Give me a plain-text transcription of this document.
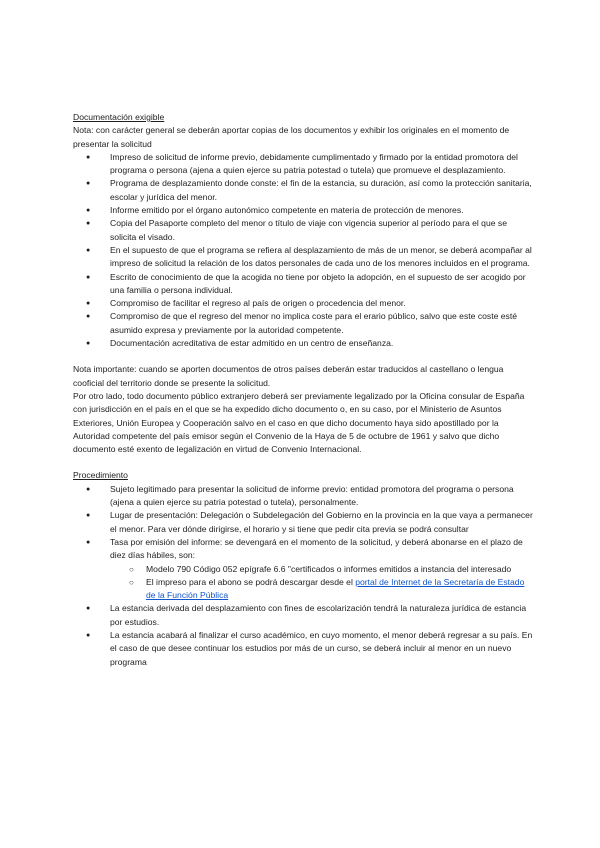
Documentación exigible

Nota: con carácter general se deberán aportar copias de los documentos y exhibir los originales en el momento de presentar la solicitud

● Impreso de solicitud de informe previo, debidamente cumplimentado y firmado por la entidad promotora del programa o persona (ajena a quien ejerce su patria potestad o tutela) que promueve el desplazamiento.
● Programa de desplazamiento donde conste: el fin de la estancia, su duración, así como la protección sanitaria, escolar y jurídica del menor.
● Informe emitido por el órgano autonómico competente en materia de protección de menores.
● Copia del Pasaporte completo del menor o título de viaje con vigencia superior al período para el que se solicita el visado.
● En el supuesto de que el programa se refiera al desplazamiento de más de un menor, se deberá acompañar al impreso de solicitud la relación de los datos personales de cada uno de los menores incluidos en el programa.
● Escrito de conocimiento de que la acogida no tiene por objeto la adopción, en el supuesto de ser acogido por una familia o persona individual.
● Compromiso de facilitar el regreso al país de origen o procedencia del menor.
● Compromiso de que el regreso del menor no implica coste para el erario público, salvo que este coste esté asumido expresa y previamente por la autoridad competente.
● Documentación acreditativa de estar admitido en un centro de enseñanza.

Nota importante: cuando se aporten documentos de otros países deberán estar traducidos al castellano o lengua cooficial del territorio donde se presente la solicitud.

Por otro lado, todo documento público extranjero deberá ser previamente legalizado por la Oficina consular de España con jurisdicción en el país en el que se ha expedido dicho documento o, en su caso, por el Ministerio de Asuntos Exteriores, Unión Europea y Cooperación salvo en el caso en que dicho documento haya sido apostillado por la Autoridad competente del país emisor según el Convenio de la Haya de 5 de octubre de 1961 y salvo que dicho documento esté exento de legalización en virtud de Convenio Internacional.

Procedimiento

● Sujeto legitimado para presentar la solicitud de informe previo: entidad promotora del programa o persona (ajena a quien ejerce su patria potestad o tutela), personalmente.
● Lugar de presentación: Delegación o Subdelegación del Gobierno en la provincia en la que vaya a permanecer el menor. Para ver dónde dirigirse, el horario y si tiene que pedir cita previa se podrá consultar
● Tasa por emisión del informe: se devengará en el momento de la solicitud, y deberá abonarse en el plazo de diez días hábiles, son:
○ Modelo 790 Código 052 epígrafe 6.6 "certificados o informes emitidos a instancia del interesado
○ El impreso para el abono se podrá descargar desde el portal de Internet de la Secretaría de Estado de la Función Pública
● La estancia derivada del desplazamiento con fines de escolarización tendrá la naturaleza jurídica de estancia por estudios.
● La estancia acabará al finalizar el curso académico, en cuyo momento, el menor deberá regresar a su país. En el caso de que desee continuar los estudios por más de un curso, se deberá incluir al menor en un nuevo programa
